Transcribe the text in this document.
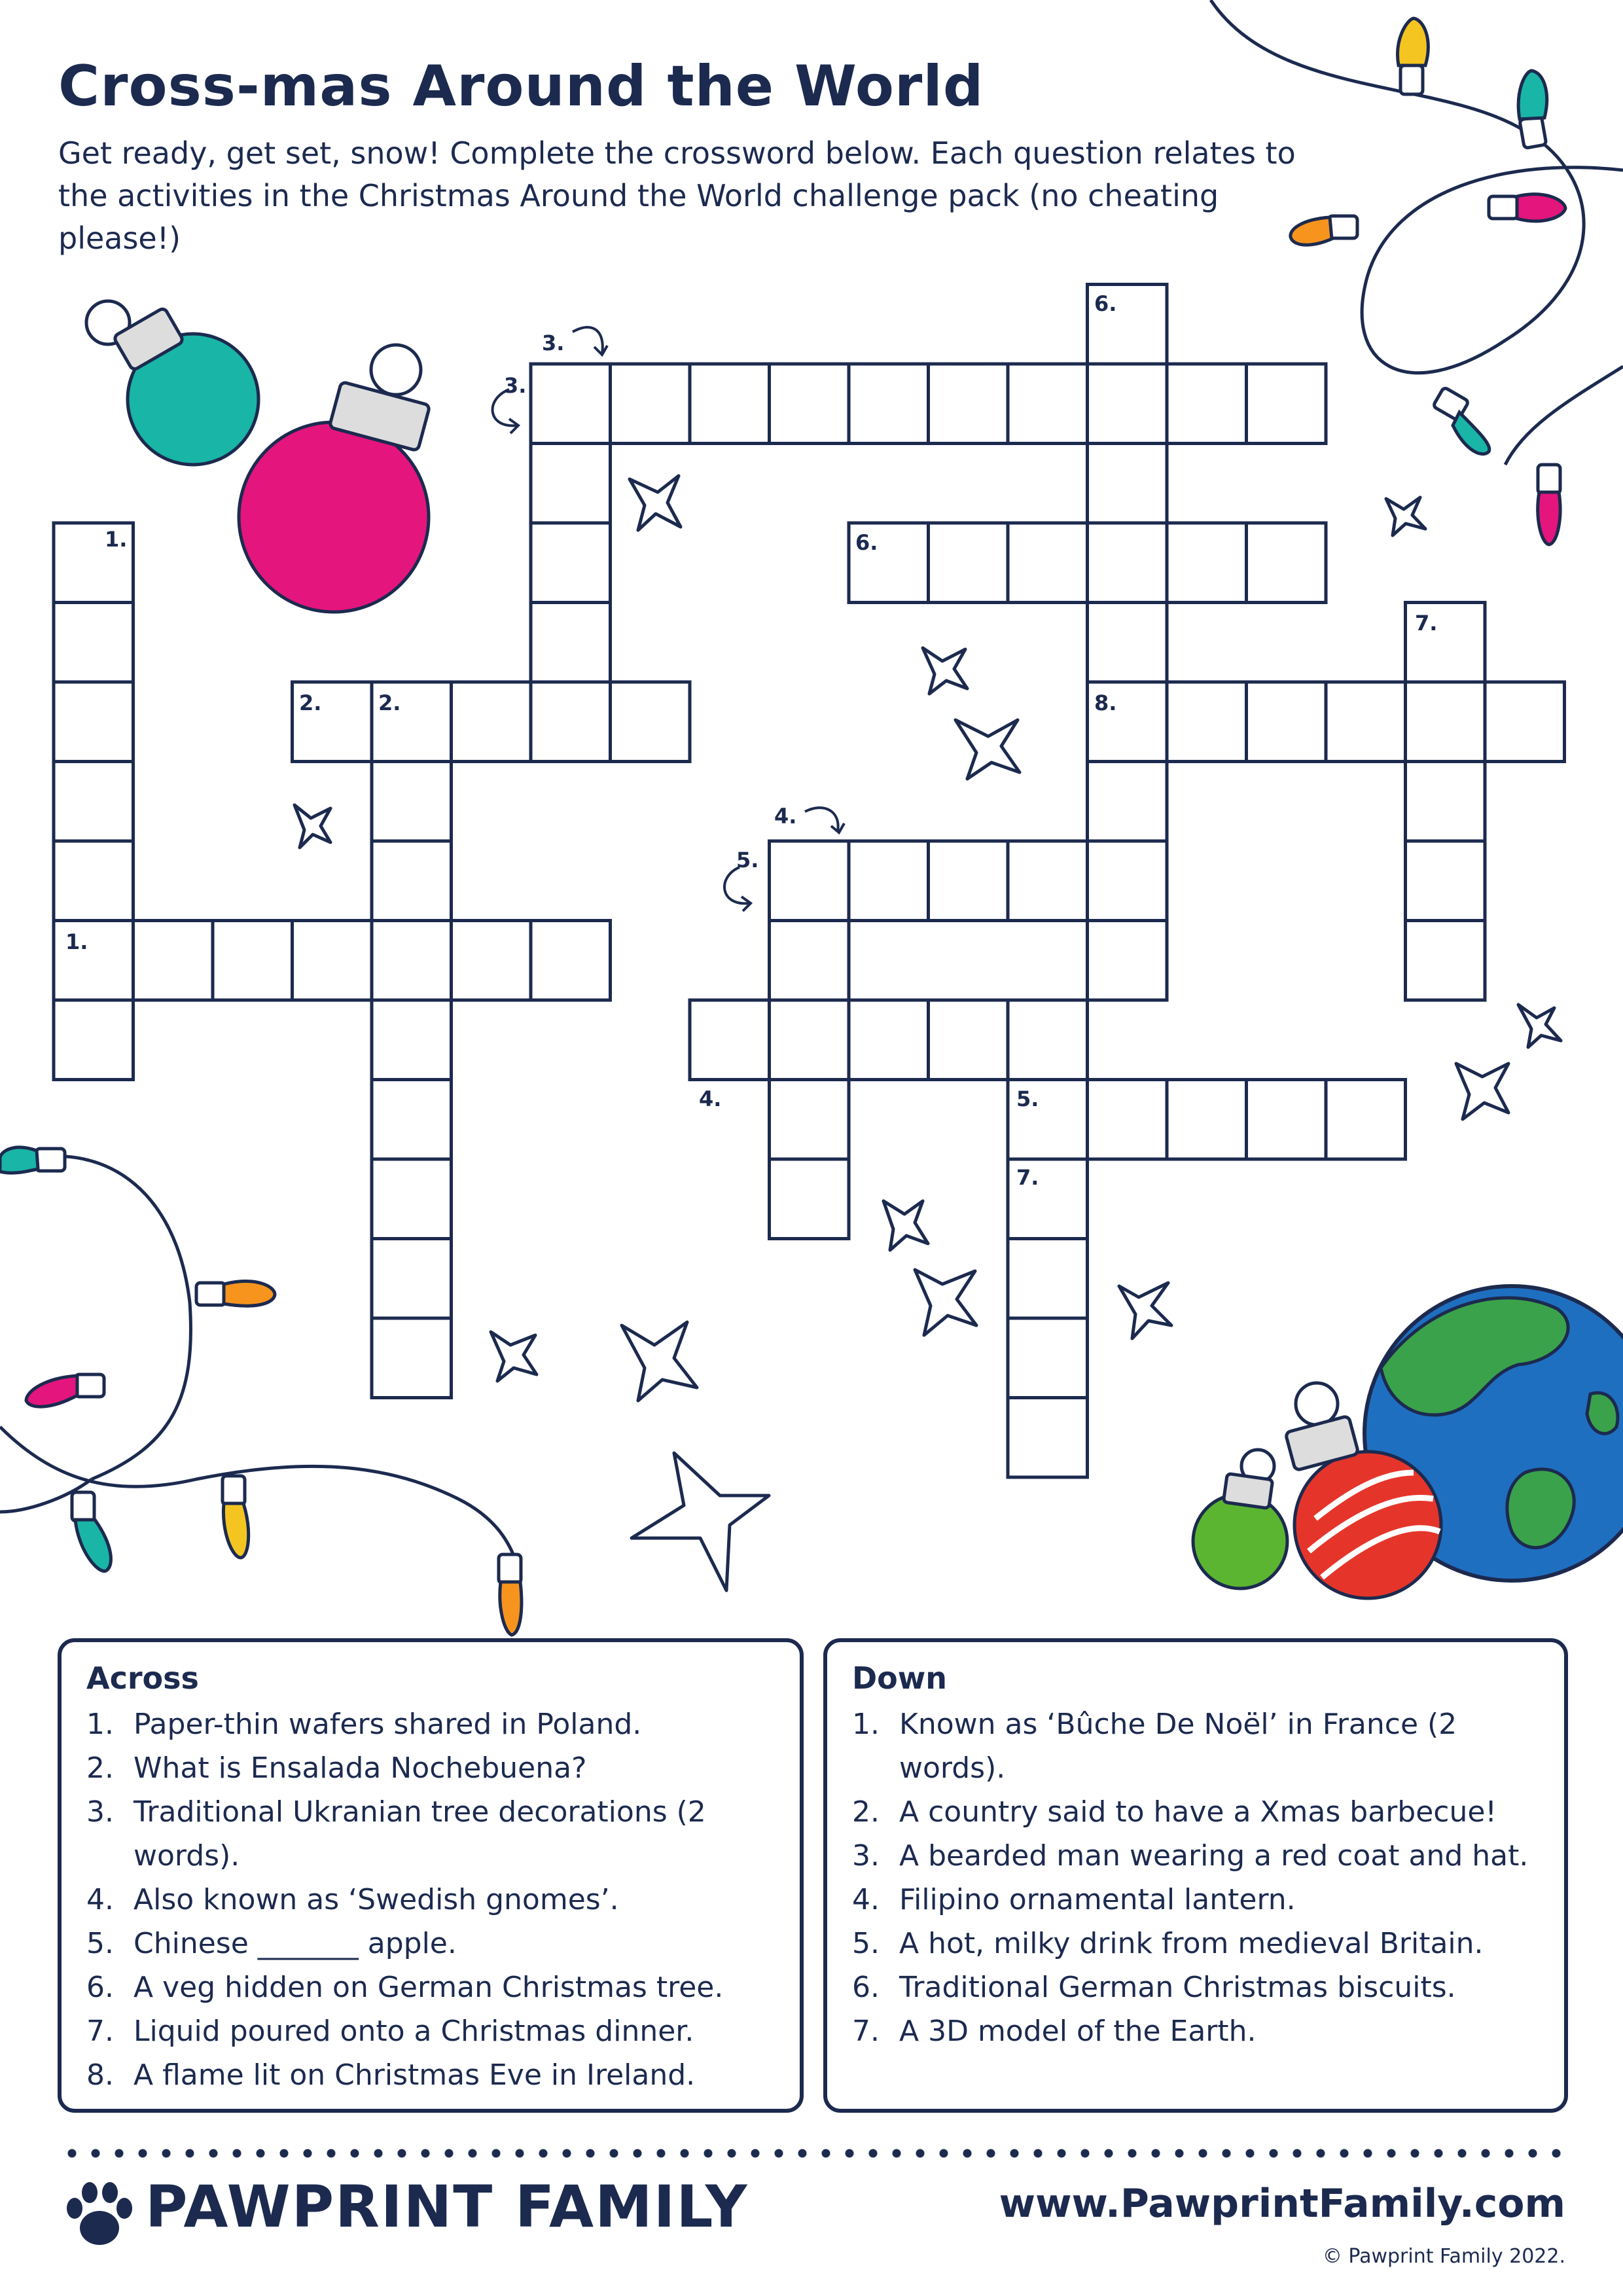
Cross-mas Around the World

Get ready, get set, snow! Complete the crossword below. Each question relates to the activities in the Christmas Around the World challenge pack (no cheating please!)

3.
3.
6.
6.
1.
2.	2.	8.
7.
1.
5.
4.
4.	5.
7.
Across
1. Paper-thin wafers shared in Poland.
2. What is Ensalada Nochebuena?
3. Traditional Ukranian tree decorations (2 words).
4. Also known as ‘Swedish gnomes’.
5. Chinese _______ apple.
6. A veg hidden on German Christmas tree.
7. Liquid poured onto a Christmas dinner.
8. A flame lit on Christmas Eve in Ireland.
Down
1. Known as ‘Bûche De Noël’ in France (2 words).
2. A country said to have a Xmas barbecue!
3. A bearded man wearing a red coat and hat.
4. Filipino ornamental lantern.
5. A hot, milky drink from medieval Britain.
6. Traditional German Christmas biscuits.
7. A 3D model of the Earth.
PAWPRINT FAMILY	www.PawprintFamily.com
© Pawprint Family 2022.
